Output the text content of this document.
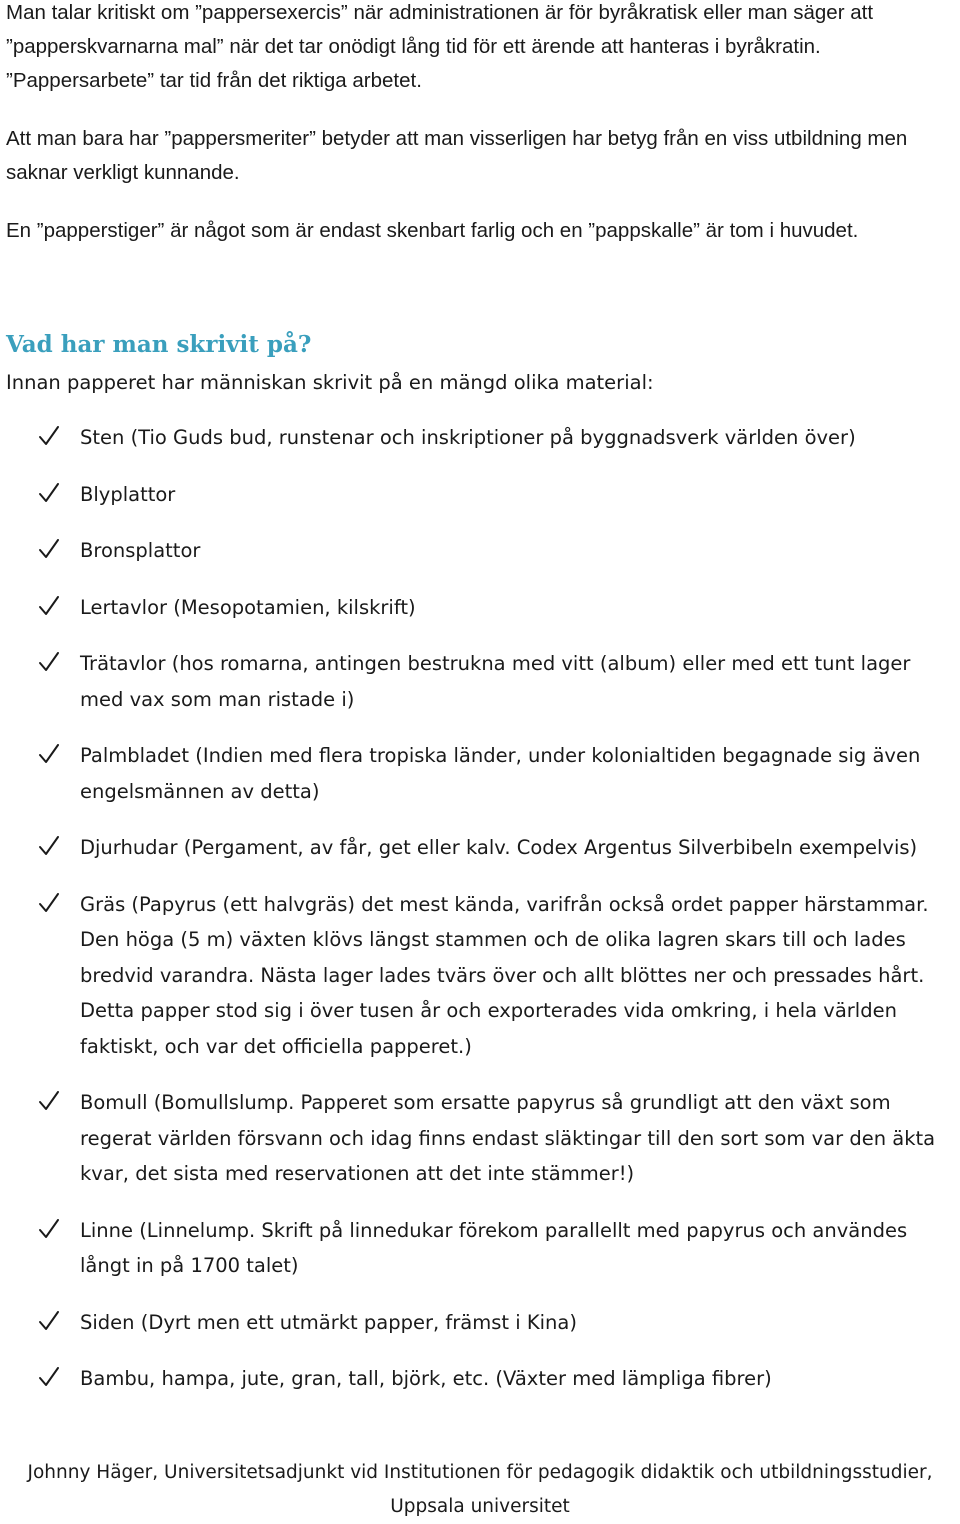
Man talar kritiskt om ”pappersexercis” när administrationen är för byråkratisk eller man säger att ”papperskvarnarna mal” när det tar onödigt lång tid för ett ärende att hanteras i byråkratin. ”Pappersarbete” tar tid från det riktiga arbetet.

Att man bara har ”pappersmeriter” betyder att man visserligen har betyg från en viss utbildning men saknar verkligt kunnande.

En ”papperstiger” är något som är endast skenbart farlig och en ”pappskalle” är tom i huvudet.

Vad har man skrivit på?

Innan papperet har människan skrivit på en mängd olika material:

Sten (Tio Guds bud, runstenar och inskriptioner på byggnadsverk världen över)
Blyplattor
Bronsplattor
Lertavlor (Mesopotamien, kilskrift)
Trätavlor (hos romarna, antingen bestrukna med vitt (album) eller med ett tunt lager med vax som man ristade i)
Palmbladet (Indien med flera tropiska länder, under kolonialtiden begagnade sig även engelsmännen av detta)
Djurhudar (Pergament, av får, get eller kalv. Codex Argentus Silverbibeln exempelvis)
Gräs (Papyrus (ett halvgräs) det mest kända, varifrån också ordet papper härstammar. Den höga (5 m) växten klövs längst stammen och de olika lagren skars till och lades bredvid varandra. Nästa lager lades tvärs över och allt blöttes ner och pressades hårt. Detta papper stod sig i över tusen år och exporterades vida omkring, i hela världen faktiskt, och var det officiella papperet.)
Bomull (Bomullslump. Papperet som ersatte papyrus så grundligt att den växt som regerat världen försvann och idag finns endast släktingar till den sort som var den äkta kvar, det sista med reservationen att det inte stämmer!)
Linne (Linnelump. Skrift på linnedukar förekom parallellt med papyrus och användes långt in på 1700 talet)
Siden (Dyrt men ett utmärkt papper, främst i Kina)
Bambu, hampa, jute, gran, tall, björk, etc. (Växter med lämpliga fibrer)
Johnny Häger, Universitetsadjunkt vid Institutionen för pedagogik didaktik och utbildningsstudier,
Uppsala universitet
